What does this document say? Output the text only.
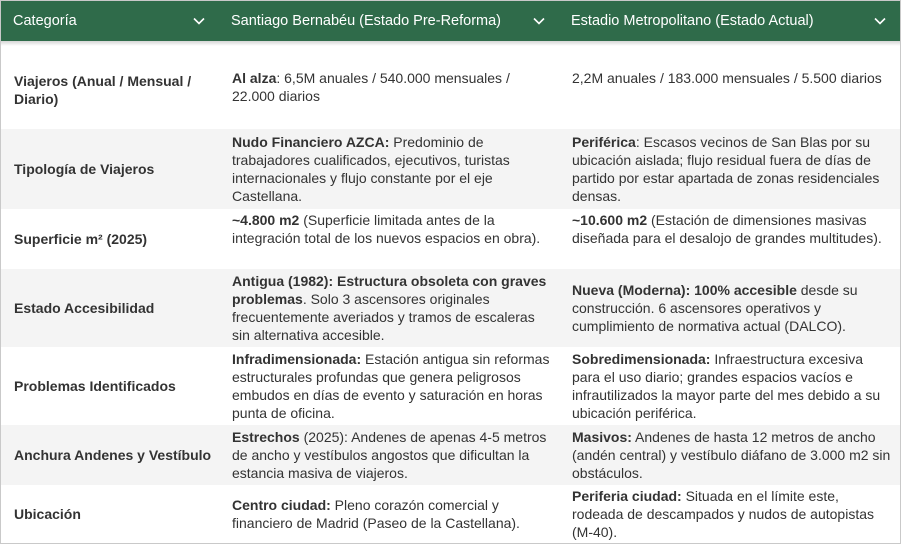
Categoría	Santiago Bernabéu (Estado Pre-Reforma)	Estadio Metropolitano (Estado Actual)
Viajeros (Anual / Mensual / Diario)
Al alza: 6,5M anuales / 540.000 mensuales / 22.000 diarios
2,2M anuales / 183.000 mensuales / 5.500 diarios
Tipología de Viajeros
Nudo Financiero AZCA: Predominio de trabajadores cualificados, ejecutivos, turistas internacionales y flujo constante por el eje Castellana.
Periférica: Escasos vecinos de San Blas por su ubicación aislada; flujo residual fuera de días de partido por estar apartada de zonas residenciales densas.
Superficie m² (2025)
~4.800 m2 (Superficie limitada antes de la integración total de los nuevos espacios en obra).
~10.600 m2 (Estación de dimensiones masivas diseñada para el desalojo de grandes multitudes).
Estado Accesibilidad
Antigua (1982): Estructura obsoleta con graves problemas. Solo 3 ascensores originales frecuentemente averiados y tramos de escaleras sin alternativa accesible.
Nueva (Moderna): 100% accesible desde su construcción. 6 ascensores operativos y cumplimiento de normativa actual (DALCO).
Problemas Identificados
Infradimensionada: Estación antigua sin reformas estructurales profundas que genera peligrosos embudos en días de evento y saturación en horas punta de oficina.
Sobredimensionada: Infraestructura excesiva para el uso diario; grandes espacios vacíos e infrautilizados la mayor parte del mes debido a su ubicación periférica.
Anchura Andenes y Vestíbulo
Estrechos (2025): Andenes de apenas 4-5 metros de ancho y vestíbulos angostos que dificultan la estancia masiva de viajeros.
Masivos: Andenes de hasta 12 metros de ancho (andén central) y vestíbulo diáfano de 3.000 m2 sin obstáculos.
Ubicación
Centro ciudad: Pleno corazón comercial y financiero de Madrid (Paseo de la Castellana).
Periferia ciudad: Situada en el límite este, rodeada de descampados y nudos de autopistas (M-40).
